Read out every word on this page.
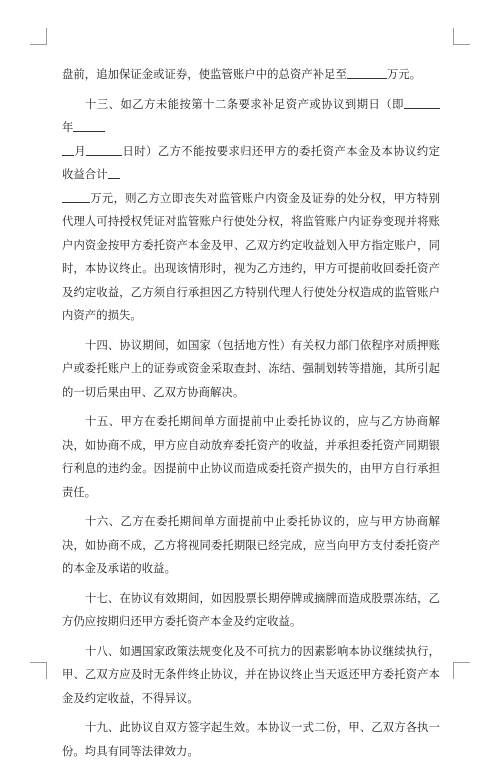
盘前，追加保证金或证券，使监管账户中的总资产补足至	万元。

十三、如乙方未能按第十二条要求补足资产或协议到期日（即年
月	日时）乙方不能按要求归还甲方的委托资产本金及本协议约定收益合计
万元，则乙方立即丧失对监管账户内资金及证券的处分权，甲方特别代理人可持授权凭证对监管账户行使处分权，将监管账户内证券变现并将账户内资金按甲方委托资产本金及甲、乙双方约定收益划入甲方指定账户，同时，本协议终止。出现该情形时，视为乙方违约，甲方可提前收回委托资产及约定收益，乙方须自行承担因乙方特别代理人行使处分权造成的监管账户内资产的损失。

十四、协议期间，如国家（包括地方性）有关权力部门依程序对质押账户或委托账户上的证券或资金采取查封、冻结、强制划转等措施，其所引起的一切后果由甲、乙双方协商解决。

十五、甲方在委托期间单方面提前中止委托协议的，应与乙方协商解决，如协商不成，甲方应自动放弃委托资产的收益，并承担委托资产同期银行利息的违约金。因提前中止协议而造成委托资产损失的，由甲方自行承担责任。

十六、乙方在委托期间单方面提前中止委托协议的，应与甲方协商解决，如协商不成，乙方将视同委托期限已经完成，应当向甲方支付委托资产的本金及承诺的收益。

十七、在协议有效期间，如因股票长期停牌或摘牌而造成股票冻结，乙方仍应按期归还甲方委托资产本金及约定收益。

十八、如遇国家政策法规变化及不可抗力的因素影响本协议继续执行，甲、乙双方应及时无条件终止协议，并在协议终止当天返还甲方委托资产本金及约定收益，不得异议。

十九、此协议自双方签字起生效。本协议一式二份，甲、乙双方各执一份。均具有同等法律效力。
